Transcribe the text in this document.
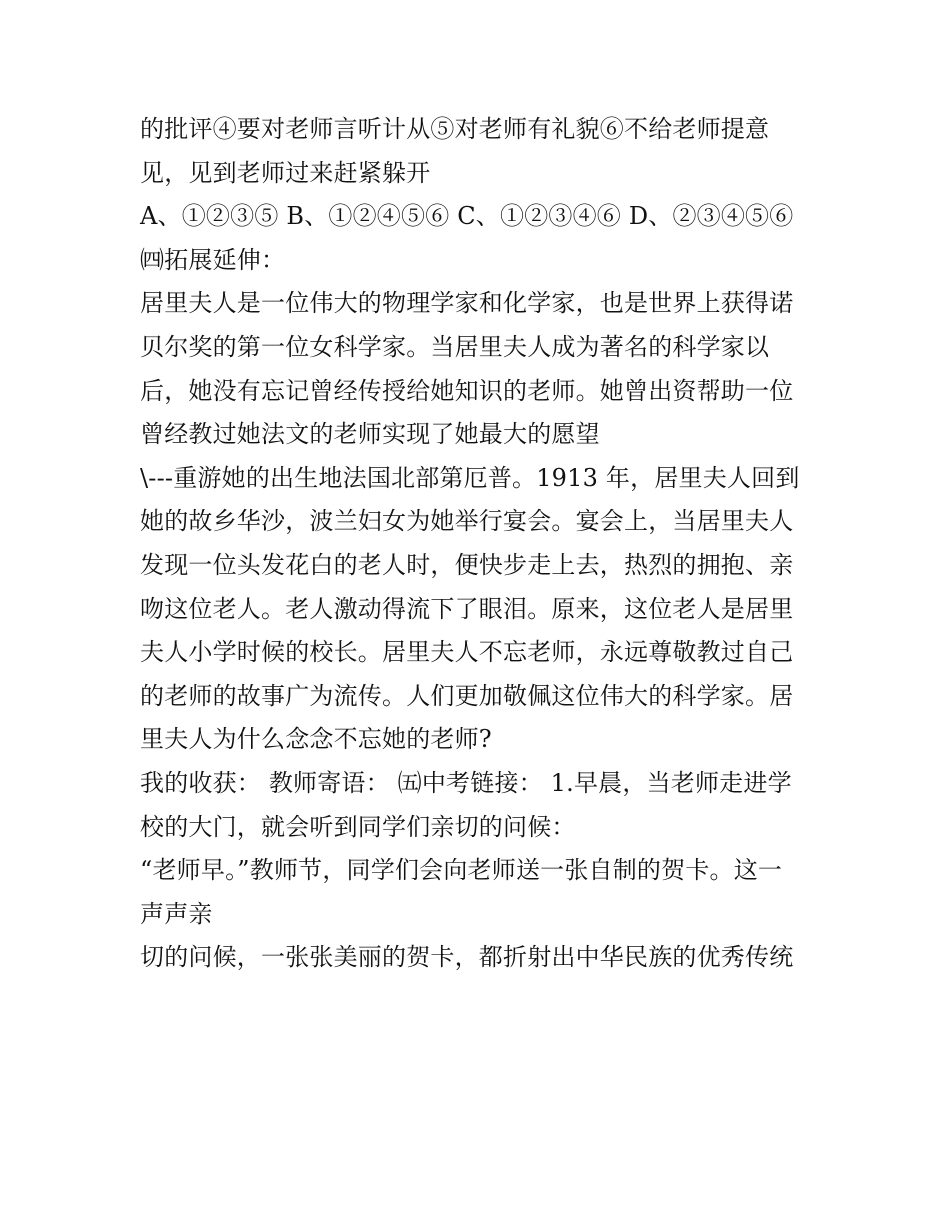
的批评④要对老师言听计从⑤对老师有礼貌⑥不给老师提意
见，见到老师过来赶紧躲开
A、①②③⑤ B、①②④⑤⑥ C、①②③④⑥ D、②③④⑤⑥
㈣拓展延伸：
居里夫人是一位伟大的物理学家和化学家，也是世界上获得诺
贝尔奖的第一位女科学家。当居里夫人成为著名的科学家以
后，她没有忘记曾经传授给她知识的老师。她曾出资帮助一位
曾经教过她法文的老师实现了她最大的愿望
\---重游她的出生地法国北部第厄普。1913 年，居里夫人回到
她的故乡华沙，波兰妇女为她举行宴会。宴会上，当居里夫人
发现一位头发花白的老人时，便快步走上去，热烈的拥抱、亲
吻这位老人。老人激动得流下了眼泪。原来，这位老人是居里
夫人小学时候的校长。居里夫人不忘老师，永远尊敬教过自己
的老师的故事广为流传。人们更加敬佩这位伟大的科学家。居
里夫人为什么念念不忘她的老师?
我的收获： 教师寄语： ㈤中考链接： 1.早晨，当老师走进学
校的大门，就会听到同学们亲切的问候：
“老师早。”教师节，同学们会向老师送一张自制的贺卡。这一
声声亲
切的问候，一张张美丽的贺卡，都折射出中华民族的优秀传统
